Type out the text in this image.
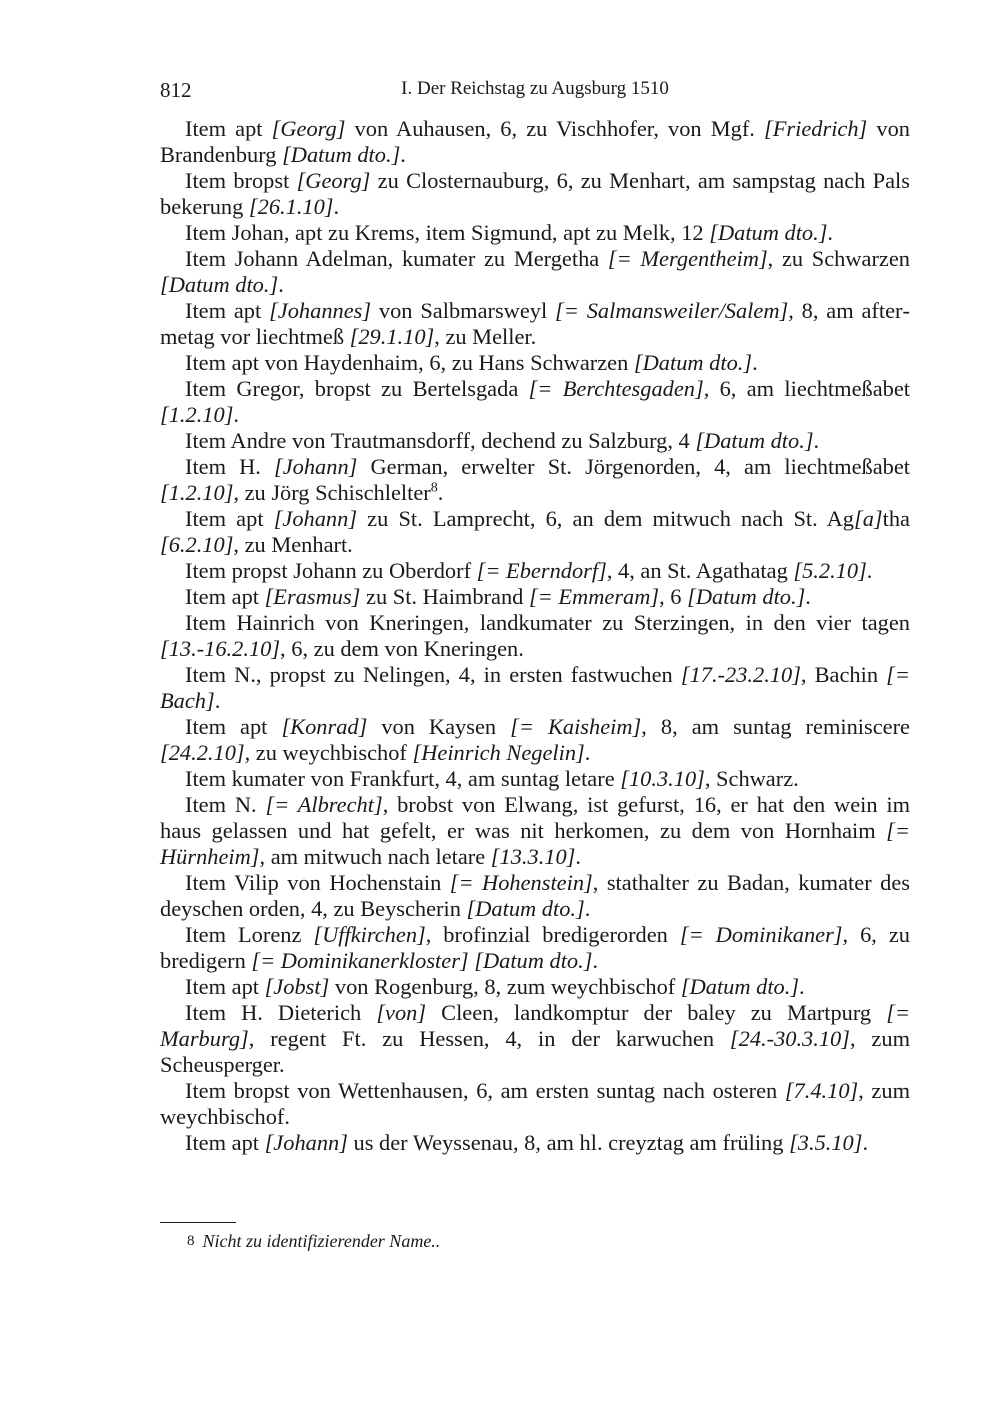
812	I. Der Reichstag zu Augsburg 1510

Item apt [Georg] von Auhausen, 6, zu Vischhofer, von Mgf. [Friedrich] von Brandenburg [Datum dto.].

Item bropst [Georg] zu Closternauburg, 6, zu Menhart, am sampstag nach Pals bekerung [26.1.10].

Item Johan, apt zu Krems, item Sigmund, apt zu Melk, 12 [Datum dto.].

Item Johann Adelman, kumater zu Mergetha [= Mergentheim], zu Schwarzen [Datum dto.].

Item apt [Johannes] von Salbmarsweyl [= Salmansweiler/Salem], 8, am aftermetag vor liechtmeß [29.1.10], zu Meller.

Item apt von Haydenhaim, 6, zu Hans Schwarzen [Datum dto.].

Item Gregor, bropst zu Bertelsgada [= Berchtesgaden], 6, am liechtmeßabet [1.2.10].

Item Andre von Trautmansdorff, dechend zu Salzburg, 4 [Datum dto.].

Item H. [Johann] German, erwelter St. Jörgenorden, 4, am liechtmeßabet [1.2.10], zu Jörg Schischlelter$^8$.

Item apt [Johann] zu St. Lamprecht, 6, an dem mitwuch nach St. Ag[a]tha [6.2.10], zu Menhart.

Item propst Johann zu Oberdorf [= Eberndorf], 4, an St. Agathatag [5.2.10].

Item apt [Erasmus] zu St. Haimbrand [= Emmeram], 6 [Datum dto.].

Item Hainrich von Kneringen, landkumater zu Sterzingen, in den vier tagen [13.-16.2.10], 6, zu dem von Kneringen.

Item N., propst zu Nelingen, 4, in ersten fastwuchen [17.-23.2.10], Bachin [= Bach].

Item apt [Konrad] von Kaysen [= Kaisheim], 8, am suntag reminiscere [24.2.10], zu weychbischof [Heinrich Negelin].

Item kumater von Frankfurt, 4, am suntag letare [10.3.10], Schwarz.

Item N. [= Albrecht], brobst von Elwang, ist gefurst, 16, er hat den wein im haus gelassen und hat gefelt, er was nit herkomen, zu dem von Hornhaim [= Hürnheim], am mitwuch nach letare [13.3.10].

Item Vilip von Hochenstain [= Hohenstein], stathalter zu Badan, kumater des deyschen orden, 4, zu Beyscherin [Datum dto.].

Item Lorenz [Uffkirchen], brofinzial bredigerorden [= Dominikaner], 6, zu bredigern [= Dominikanerkloster] [Datum dto.].

Item apt [Jobst] von Rogenburg, 8, zum weychbischof [Datum dto.].

Item H. Dieterich [von] Cleen, landkomptur der baley zu Martpurg [= Marburg], regent Ft. zu Hessen, 4, in der karwuchen [24.-30.3.10], zum Scheusperger.

Item bropst von Wettenhausen, 6, am ersten suntag nach osteren [7.4.10], zum weychbischof.

Item apt [Johann] us der Weyssenau, 8, am hl. creyztag am früling [3.5.10].

8 Nicht zu identifizierender Name..
